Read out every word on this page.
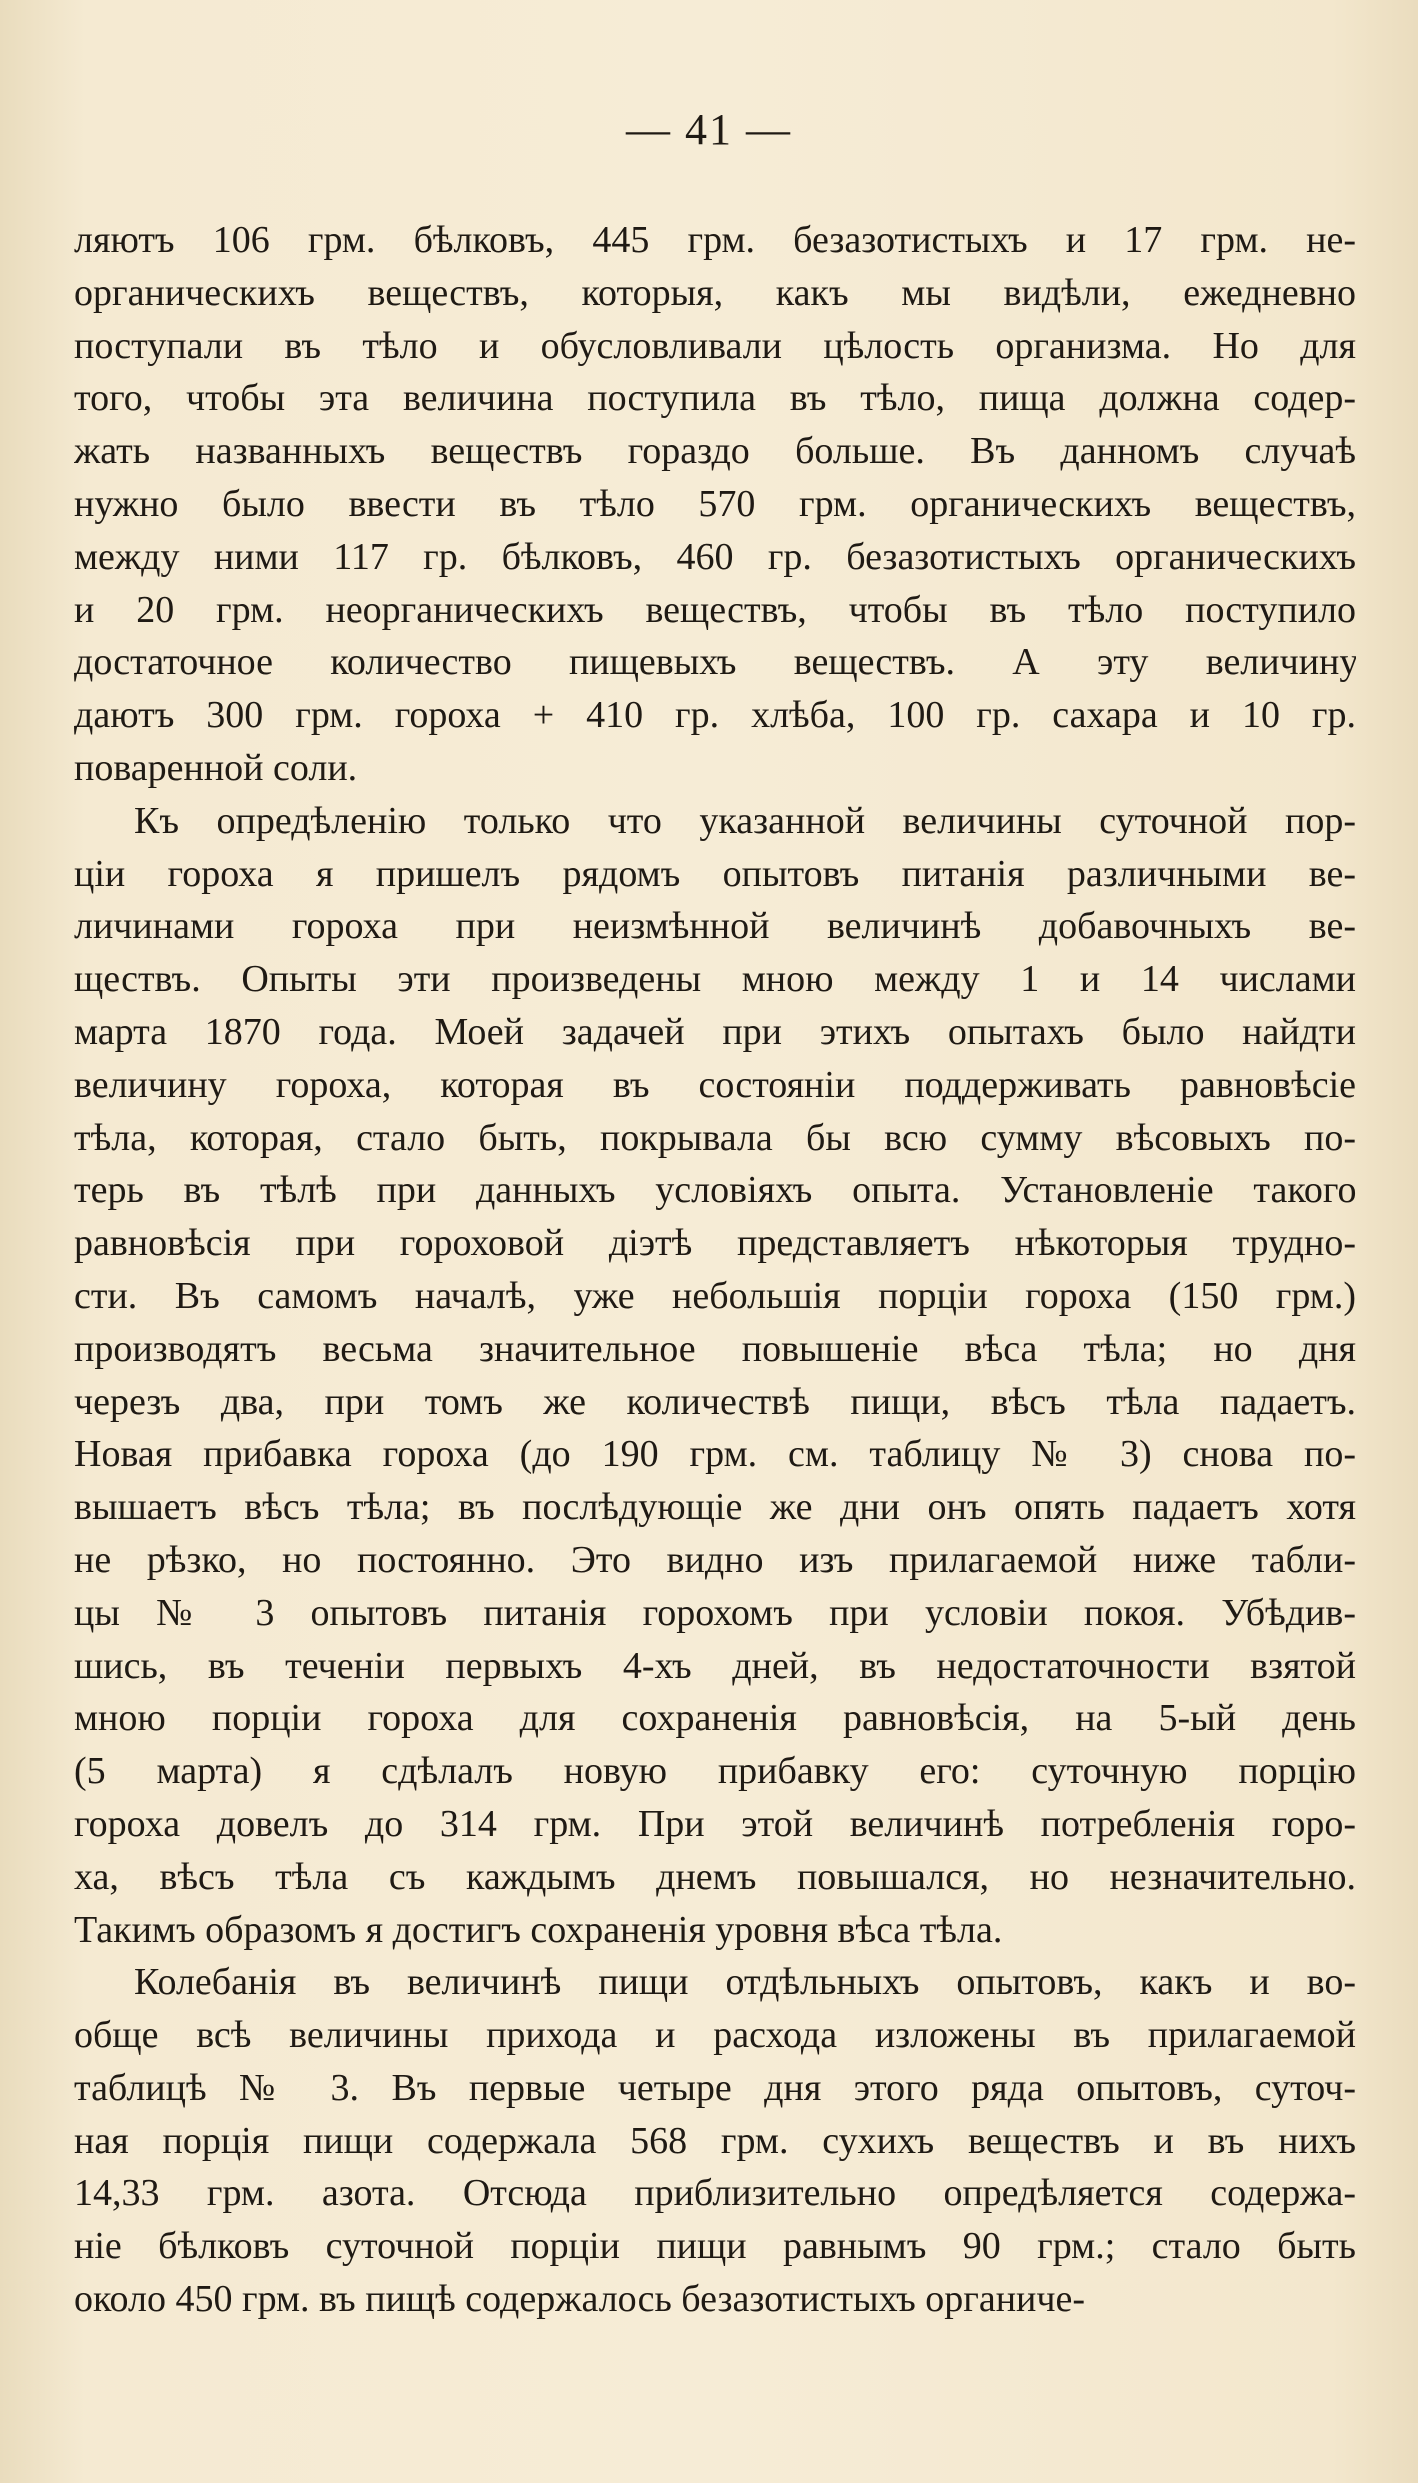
— 41 —
ляютъ 106 грм. бѣлковъ, 445 грм. безазотистыхъ и 17 грм. не-
органическихъ веществъ, которыя, какъ мы видѣли, ежедневно
поступали въ тѣло и обусловливали цѣлость организма. Но для
того, чтобы эта величина поступила въ тѣло, пища должна содер-
жать названныхъ веществъ гораздо больше. Въ данномъ случаѣ
нужно было ввести въ тѣло 570 грм. органическихъ веществъ,
между ними 117 гр. бѣлковъ, 460 гр. безазотистыхъ органическихъ
и 20 грм. неорганическихъ веществъ, чтобы въ тѣло поступило
достаточное количество пищевыхъ веществъ. А эту величину
даютъ 300 грм. гороха + 410 гр. хлѣба, 100 гр. сахара и 10 гр.
поваренной соли.
Къ опредѣленію только что указанной величины суточной пор-
ціи гороха я пришелъ рядомъ опытовъ питанія различными ве-
личинами гороха при неизмѣнной величинѣ добавочныхъ ве-
ществъ. Опыты эти произведены мною между 1 и 14 числами
марта 1870 года. Моей задачей при этихъ опытахъ было найдти
величину гороха, которая въ состояніи поддерживать равновѣсіе
тѣла, которая, стало быть, покрывала бы всю сумму вѣсовыхъ по-
терь въ тѣлѣ при данныхъ условіяхъ опыта. Установленіе такого
равновѣсія при гороховой діэтѣ представляетъ нѣкоторыя трудно-
сти. Въ самомъ началѣ, уже небольшія порціи гороха (150 грм.)
производятъ весьма значительное повышеніе вѣса тѣла; но дня
черезъ два, при томъ же количествѣ пищи, вѣсъ тѣла падаетъ.
Новая прибавка гороха (до 190 грм. см. таблицу № 3) снова по-
вышаетъ вѣсъ тѣла; въ послѣдующіе же дни онъ опять падаетъ хотя
не рѣзко, но постоянно. Это видно изъ прилагаемой ниже табли-
цы № 3 опытовъ питанія горохомъ при условіи покоя. Убѣдив-
шись, въ теченіи первыхъ 4-хъ дней, въ недостаточности взятой
мною порціи гороха для сохраненія равновѣсія, на 5-ый день
(5 марта) я сдѣлалъ новую прибавку его: суточную порцію
гороха довелъ до 314 грм. При этой величинѣ потребленія горо-
ха, вѣсъ тѣла съ каждымъ днемъ повышался, но незначительно.
Такимъ образомъ я достигъ сохраненія уровня вѣса тѣла.
Колебанія въ величинѣ пищи отдѣльныхъ опытовъ, какъ и во-
обще всѣ величины прихода и расхода изложены въ прилагаемой
таблицѣ № 3. Въ первые четыре дня этого ряда опытовъ, суточ-
ная порція пищи содержала 568 грм. сухихъ веществъ и въ нихъ
14,33 грм. азота. Отсюда приблизительно опредѣляется содержа-
ніе бѣлковъ суточной порціи пищи равнымъ 90 грм.; стало быть
около 450 грм. въ пищѣ содержалось безазотистыхъ органиче-
